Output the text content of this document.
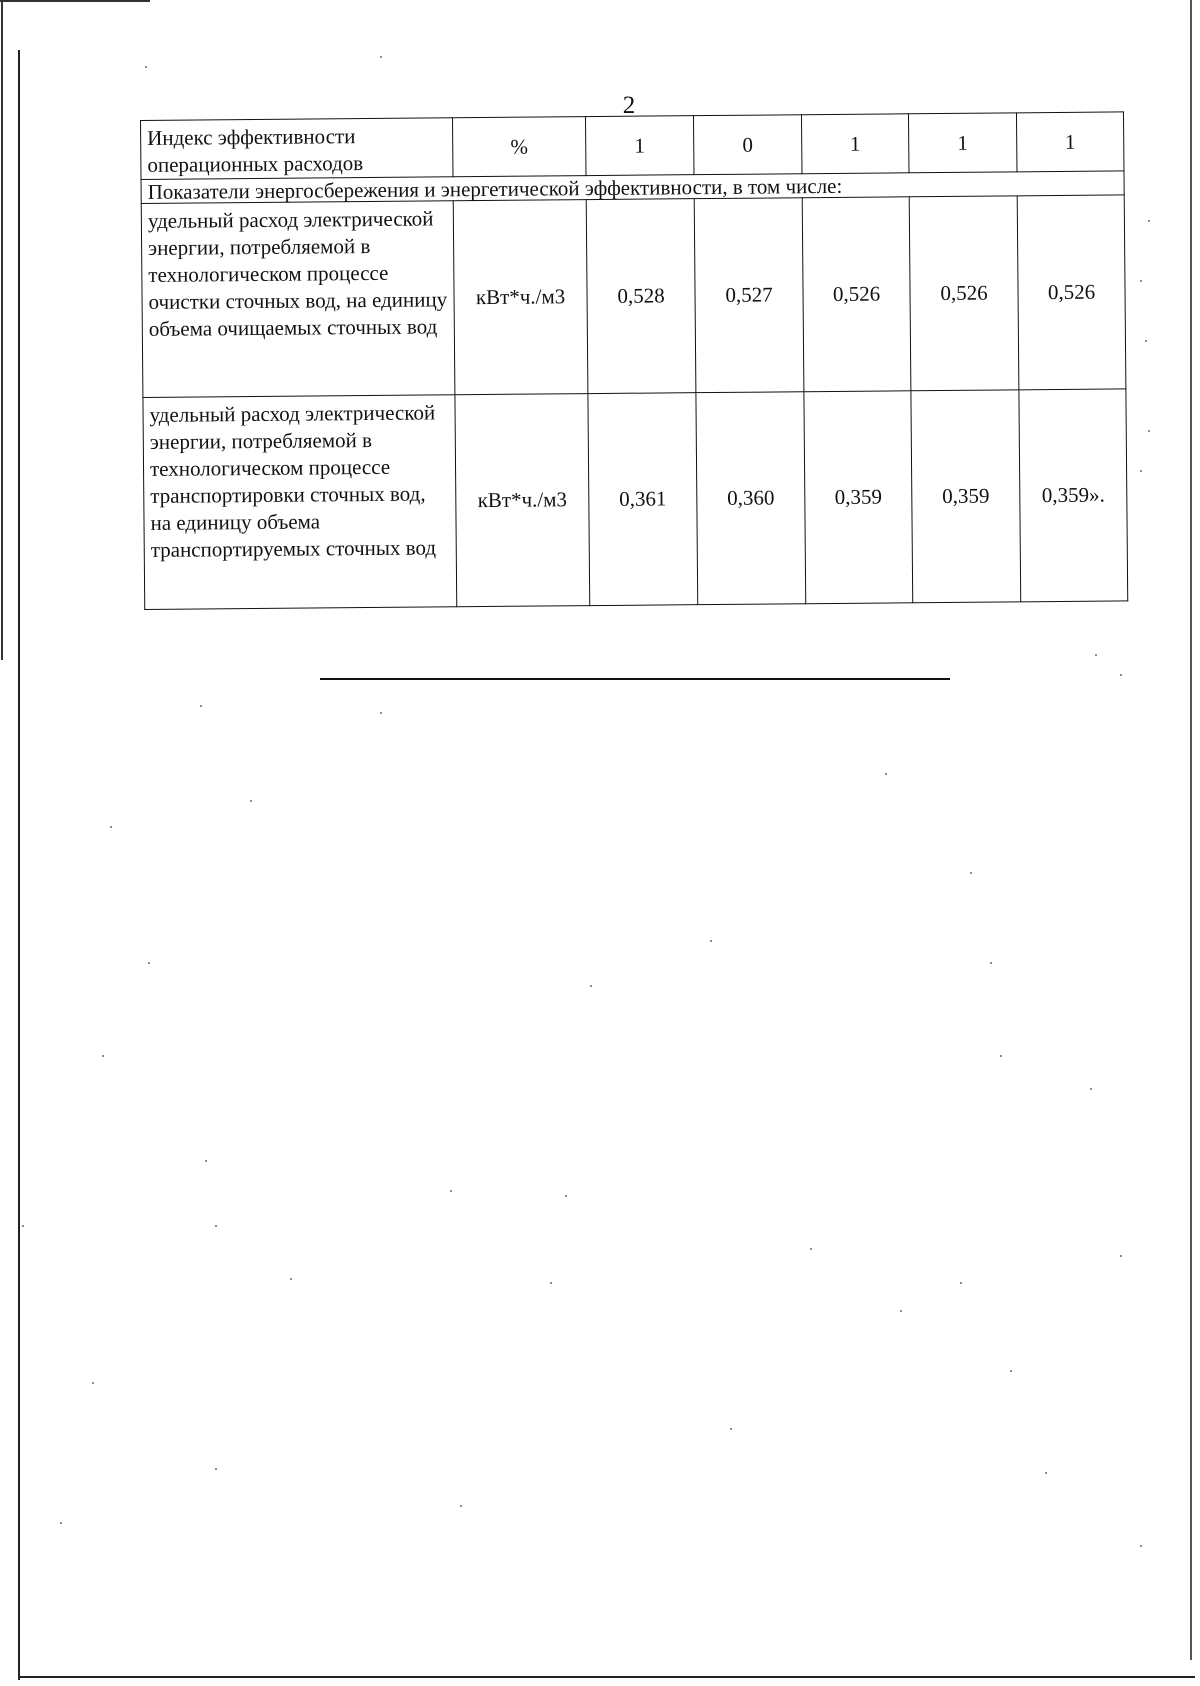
2
Индекс эффективности операционных расходов	%	1	0	1	1	1
Показатели энергосбережения и энергетической эффективности, в том числе:						
удельный расход электрической энергии, потребляемой в технологическом процессе очистки сточных вод, на единицу объема очищаемых сточных вод	кВт*ч./м3	0,528	0,527	0,526	0,526	0,526
удельный расход электрической энергии, потребляемой в технологическом процессе транспортировки сточных вод, на единицу объема транспортируемых сточных вод	кВт*ч./м3	0,361	0,360	0,359	0,359	0,359».
